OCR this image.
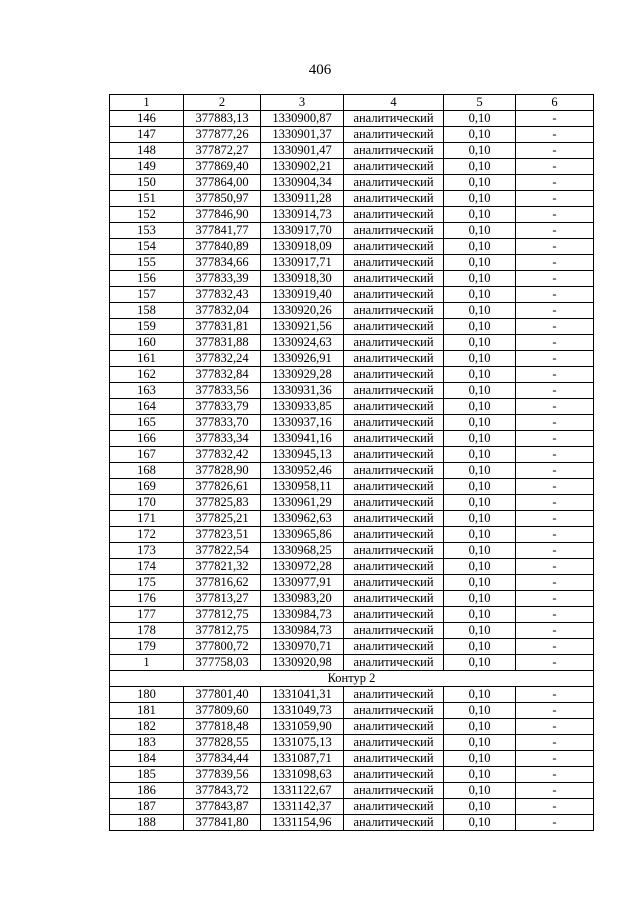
406
1	2	3	4	5	6
146	377883,13	1330900,87	аналитический	0,10	-
147	377877,26	1330901,37	аналитический	0,10	-
148	377872,27	1330901,47	аналитический	0,10	-
149	377869,40	1330902,21	аналитический	0,10	-
150	377864,00	1330904,34	аналитический	0,10	-
151	377850,97	1330911,28	аналитический	0,10	-
152	377846,90	1330914,73	аналитический	0,10	-
153	377841,77	1330917,70	аналитический	0,10	-
154	377840,89	1330918,09	аналитический	0,10	-
155	377834,66	1330917,71	аналитический	0,10	-
156	377833,39	1330918,30	аналитический	0,10	-
157	377832,43	1330919,40	аналитический	0,10	-
158	377832,04	1330920,26	аналитический	0,10	-
159	377831,81	1330921,56	аналитический	0,10	-
160	377831,88	1330924,63	аналитический	0,10	-
161	377832,24	1330926,91	аналитический	0,10	-
162	377832,84	1330929,28	аналитический	0,10	-
163	377833,56	1330931,36	аналитический	0,10	-
164	377833,79	1330933,85	аналитический	0,10	-
165	377833,70	1330937,16	аналитический	0,10	-
166	377833,34	1330941,16	аналитический	0,10	-
167	377832,42	1330945,13	аналитический	0,10	-
168	377828,90	1330952,46	аналитический	0,10	-
169	377826,61	1330958,11	аналитический	0,10	-
170	377825,83	1330961,29	аналитический	0,10	-
171	377825,21	1330962,63	аналитический	0,10	-
172	377823,51	1330965,86	аналитический	0,10	-
173	377822,54	1330968,25	аналитический	0,10	-
174	377821,32	1330972,28	аналитический	0,10	-
175	377816,62	1330977,91	аналитический	0,10	-
176	377813,27	1330983,20	аналитический	0,10	-
177	377812,75	1330984,73	аналитический	0,10	-
178	377812,75	1330984,73	аналитический	0,10	-
179	377800,72	1330970,71	аналитический	0,10	-
1	377758,03	1330920,98	аналитический	0,10	-
Контур 2					
180	377801,40	1331041,31	аналитический	0,10	-
181	377809,60	1331049,73	аналитический	0,10	-
182	377818,48	1331059,90	аналитический	0,10	-
183	377828,55	1331075,13	аналитический	0,10	-
184	377834,44	1331087,71	аналитический	0,10	-
185	377839,56	1331098,63	аналитический	0,10	-
186	377843,72	1331122,67	аналитический	0,10	-
187	377843,87	1331142,37	аналитический	0,10	-
188	377841,80	1331154,96	аналитический	0,10	-
